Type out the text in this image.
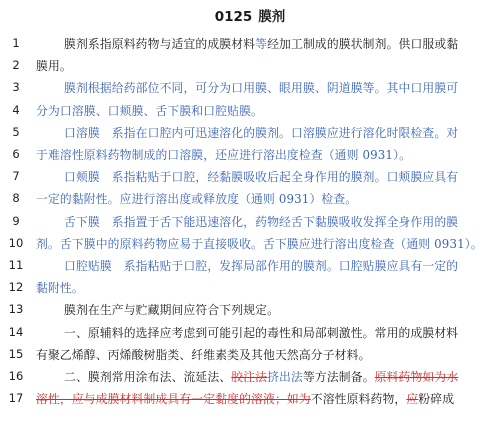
0125 膜剂
1	膜剂系指原料药物与适宜的成膜材料等经加工制成的膜状制剂。供口服或黏
2	膜用。
3	膜剂根据给药部位不同，可分为口用膜、眼用膜、阴道膜等。其中口用膜可
4	分为口溶膜、口颊膜、舌下膜和口腔贴膜。
5	口溶膜　系指在口腔内可迅速溶化的膜剂。口溶膜应进行溶化时限检查。对
6	于难溶性原料药物制成的口溶膜，还应进行溶出度检查（通则 0931）。
7	口颊膜　系指粘贴于口腔，经黏膜吸收后起全身作用的膜剂。口颊膜应具有
8	一定的黏附性。应进行溶出度或释放度（通则 0931）检查。
9	舌下膜　系指置于舌下能迅速溶化，药物经舌下黏膜吸收发挥全身作用的膜
10 剂。舌下膜中的原料药物应易于直接吸收。舌下膜应进行溶出度检查（通则 0931）。
11	口腔贴膜　系指粘贴于口腔，发挥局部作用的膜剂。口腔贴膜应具有一定的
12 黏附性。
13	膜剂在生产与贮藏期间应符合下列规定。
14	一、原辅料的选择应考虑到可能引起的毒性和局部刺激性。常用的成膜材料
15 有聚乙烯醇、丙烯酸树脂类、纤维素类及其他天然高分子材料。
16	二、膜剂常用涂布法、流延法、胶注法挤出法等方法制备。原料药物如为水
17 溶性，应与成膜材料制成具有一定黏度的溶液；如为不溶性原料药物，应粉碎成
